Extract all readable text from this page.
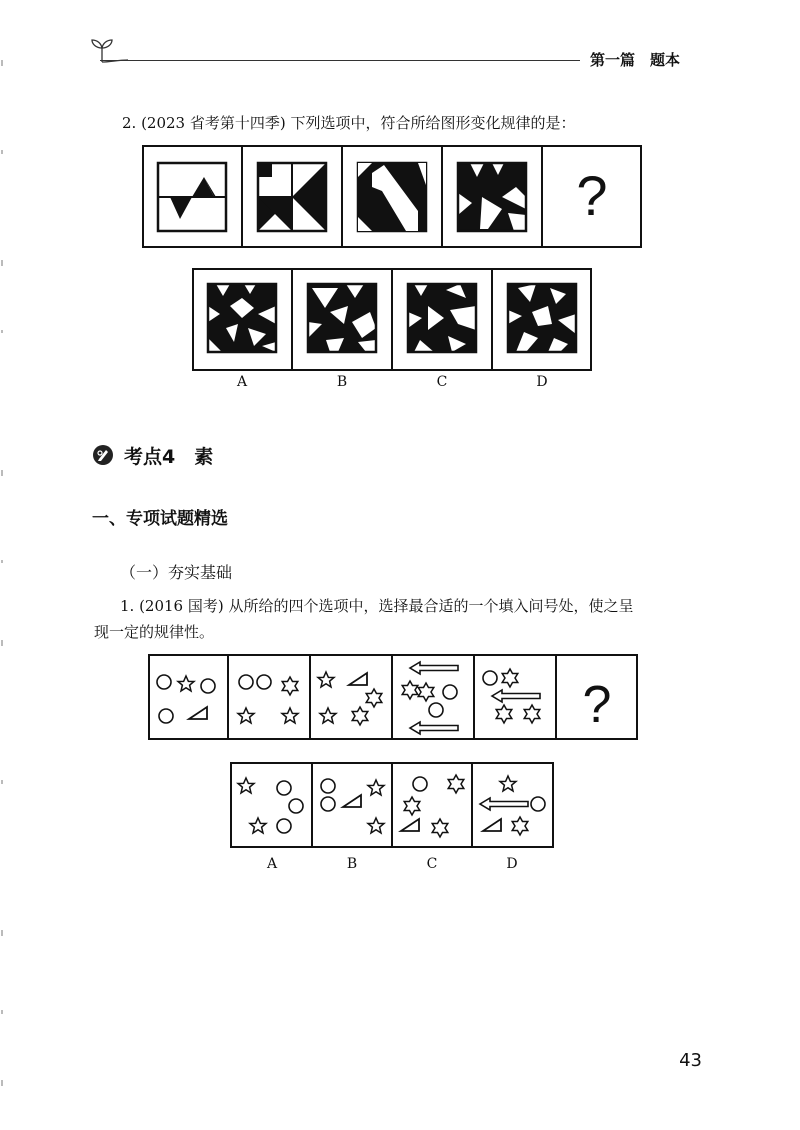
第一篇　题本
2. (2023 省考第十四季) 下列选项中，符合所给图形变化规律的是：
?
A	B	C	D
考点4　素
一、专项试题精选
（一）夯实基础
1. (2016 国考) 从所给的四个选项中，选择最合适的一个填入问号处，使之呈
现一定的规律性。
?
A	B	C	D
43
